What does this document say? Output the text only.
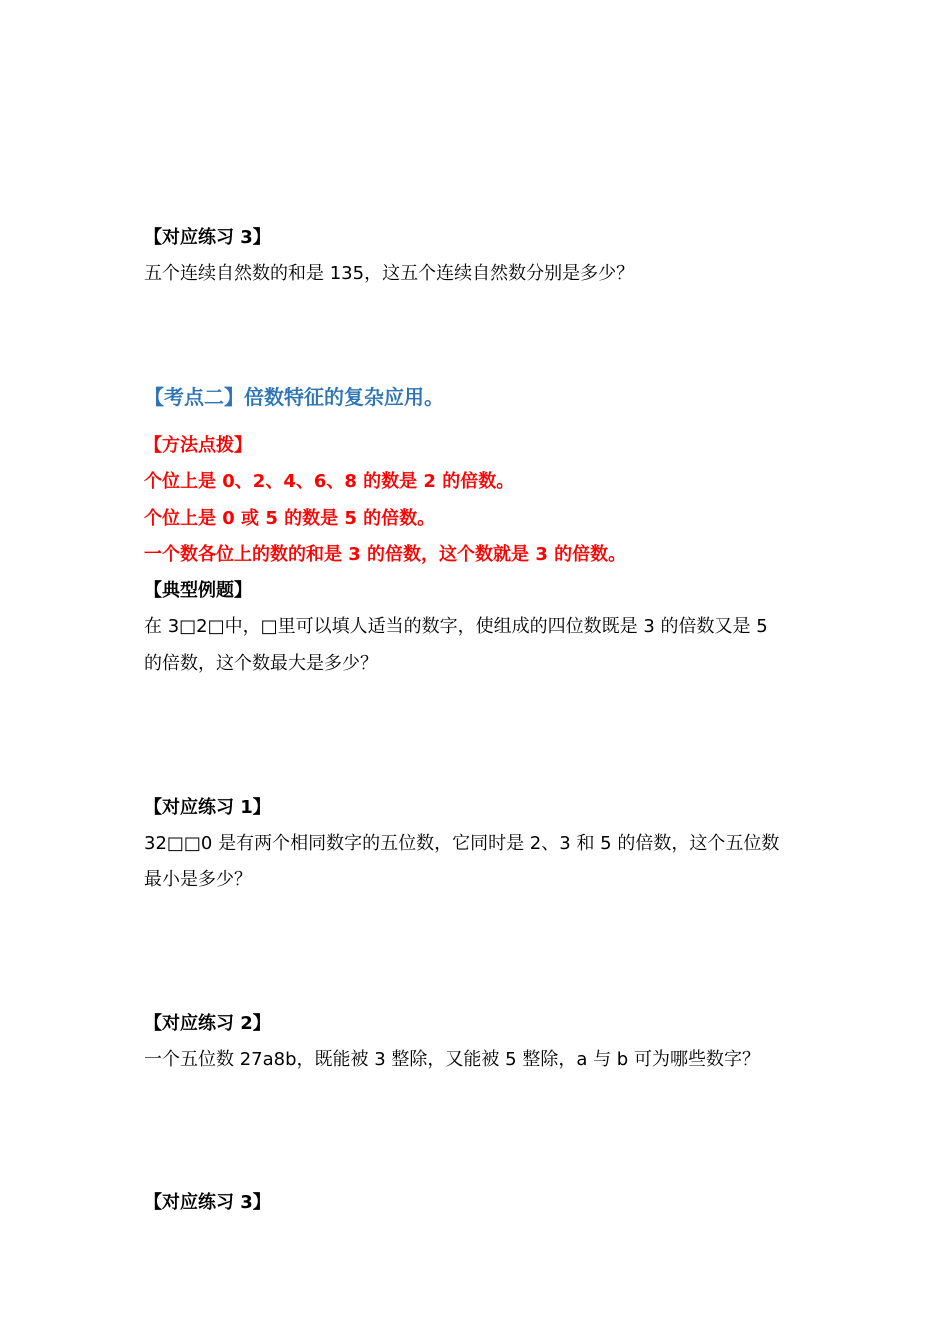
【对应练习 3】
五个连续自然数的和是 135，这五个连续自然数分别是多少？
【考点二】倍数特征的复杂应用。
【方法点拨】
个位上是 0、2、4、6、8 的数是 2 的倍数。
个位上是 0 或 5 的数是 5 的倍数。
一个数各位上的数的和是 3 的倍数，这个数就是 3 的倍数。
【典型例题】
在 3□2□中，□里可以填人适当的数字，使组成的四位数既是 3 的倍数又是 5
的倍数，这个数最大是多少？
【对应练习 1】
32□□0 是有两个相同数字的五位数，它同时是 2、3 和 5 的倍数，这个五位数
最小是多少？
【对应练习 2】
一个五位数 27a8b，既能被 3 整除，又能被 5 整除，a 与 b 可为哪些数字？
【对应练习 3】
